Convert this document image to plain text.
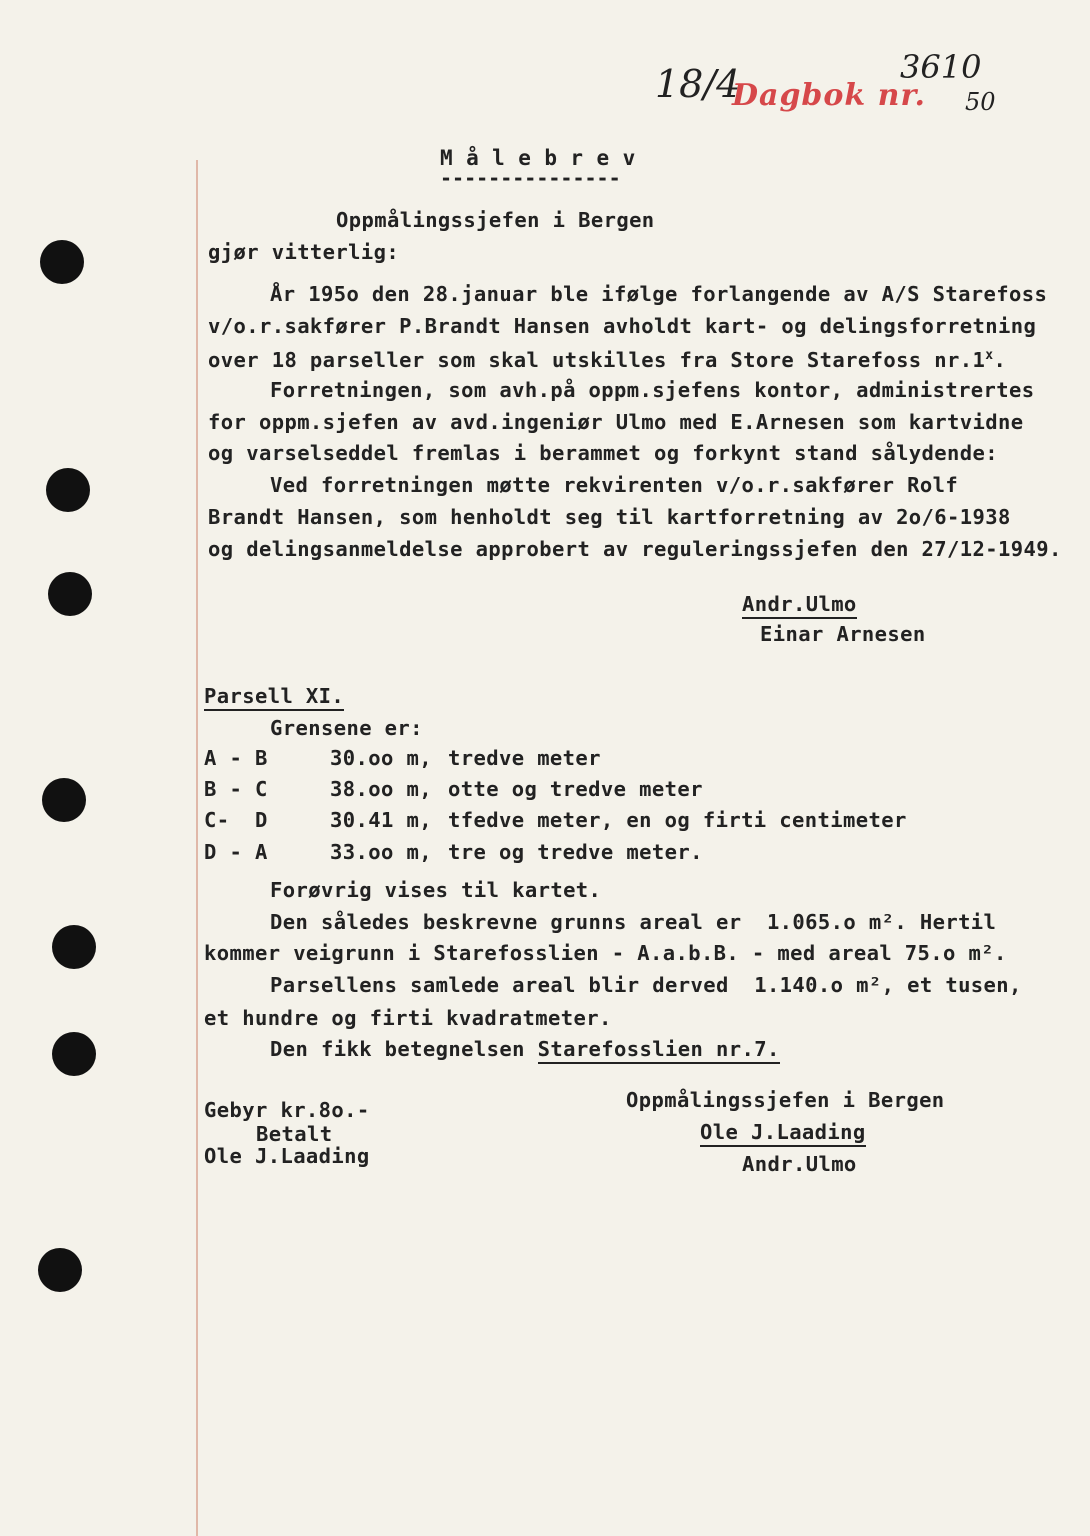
18/4
Dagbok nr.
3610
50
M å l e b r e v
---------------
Oppmålingssjefen i Bergen
gjør vitterlig:
År 195o den 28.januar ble ifølge forlangende av A/S Starefoss
v/o.r.sakfører P.Brandt Hansen avholdt kart- og delingsforretning
over 18 parseller som skal utskilles fra Store Starefoss nr.1$^x$.
Forretningen, som avh.på oppm.sjefens kontor, administrertes
for oppm.sjefen av avd.ingeniør Ulmo med E.Arnesen som kartvidne
og varselseddel fremlas i berammet og forkynt stand sålydende:
Ved forretningen møtte rekvirenten v/o.r.sakfører Rolf
Brandt Hansen, som henholdt seg til kartforretning av 2o/6-1938
og delingsanmeldelse approbert av reguleringssjefen den 27/12-1949.
Andr.Ulmo
Einar Arnesen
Parsell XI.
Grensene er:
A - B	30.oo m, tredve meter
B - C	38.oo m, otte og tredve meter
C-  D	30.41 m, tfedve meter, en og firti centimeter
D - A	33.oo m, tre og tredve meter.
Forøvrig vises til kartet.
Den således beskrevne grunns areal er  1.065.o m². Hertil
kommer veigrunn i Starefosslien - A.a.b.B. - med areal 75.o m².
Parsellens samlede areal blir derved  1.140.o m², et tusen,
et hundre og firti kvadratmeter.
Den fikk betegnelsen Starefosslien nr.7.
Gebyr kr.8o.-
Betalt
Ole J.Laading
Oppmålingssjefen i Bergen
Ole J.Laading
Andr.Ulmo
